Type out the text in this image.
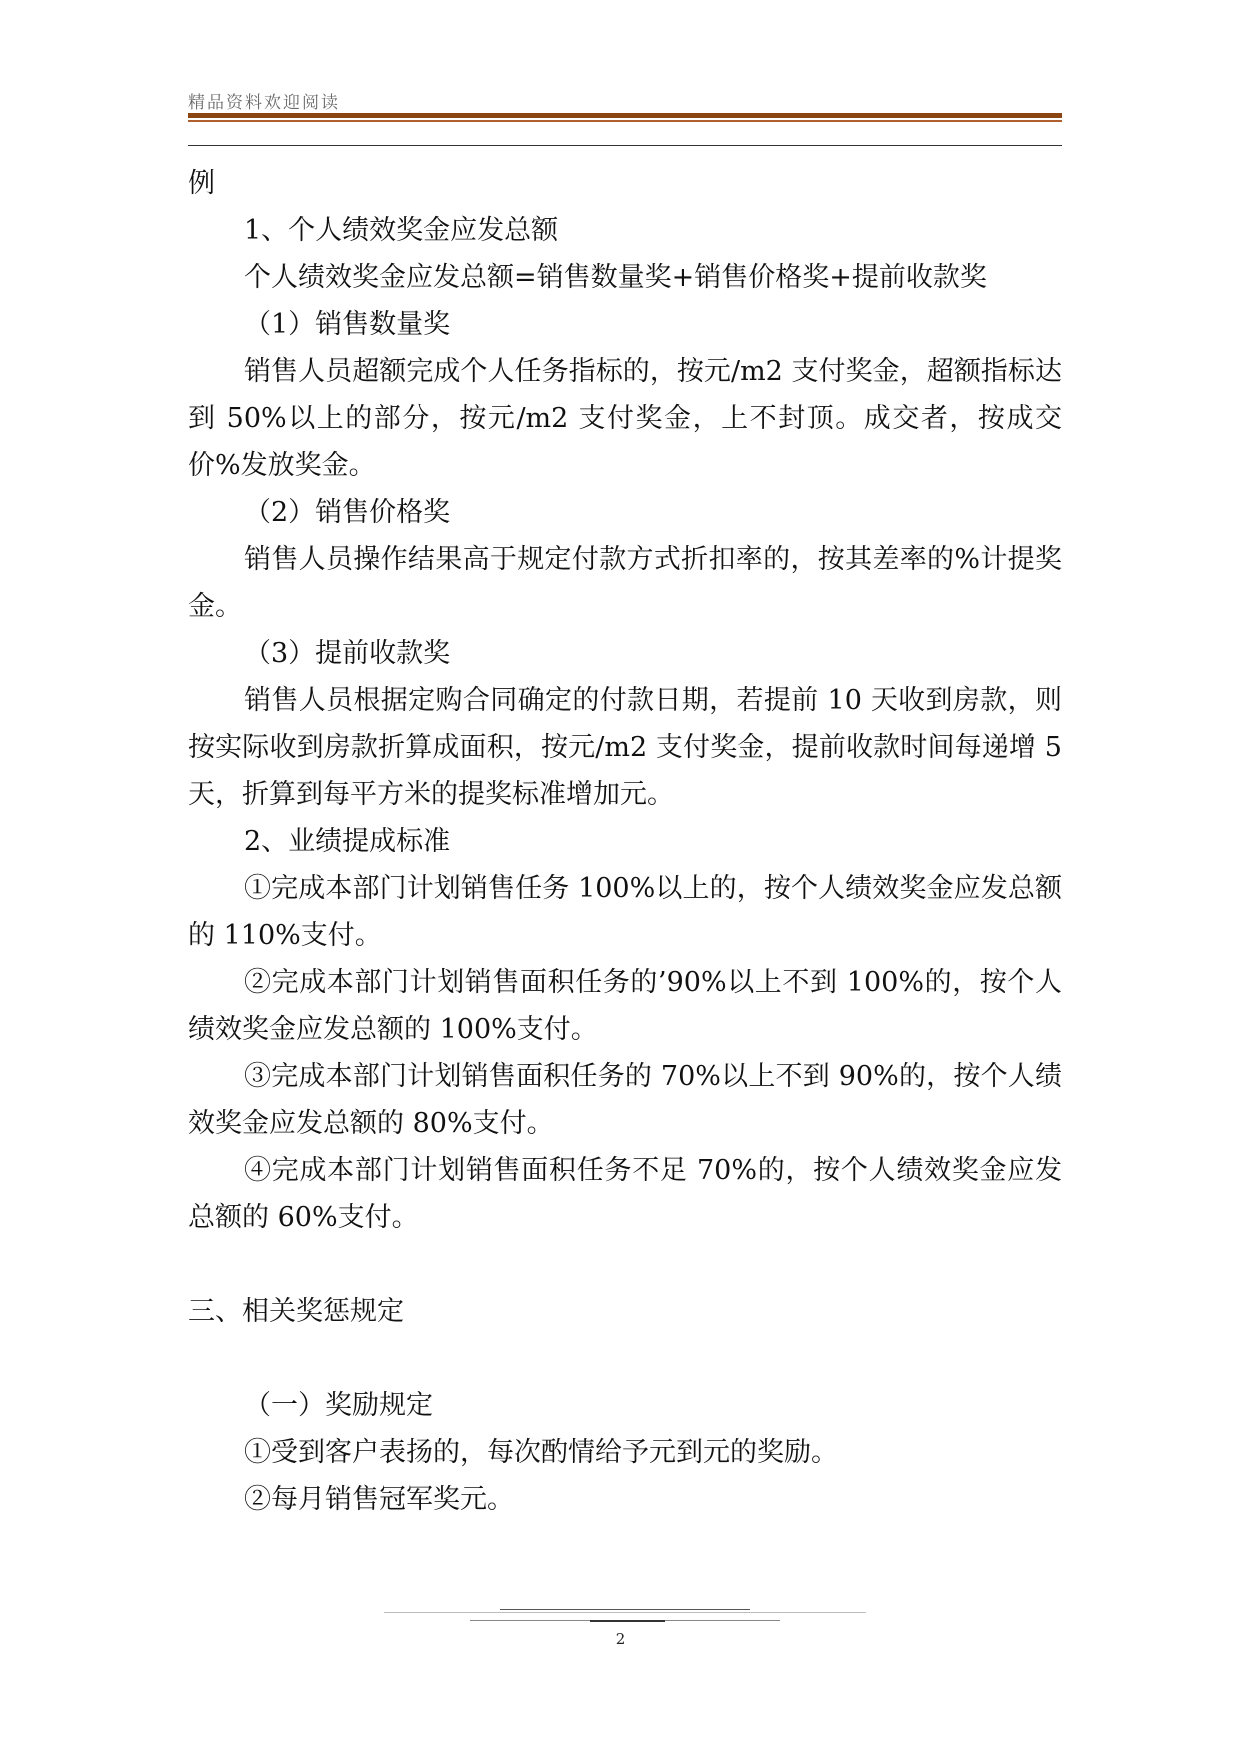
精品资料欢迎阅读

例

1、个人绩效奖金应发总额

个人绩效奖金应发总额=销售数量奖+销售价格奖+提前收款奖

（1）销售数量奖

销售人员超额完成个人任务指标的，按元/m2 支付奖金，超额指标达到 50%以上的部分，按元/m2 支付奖金，上不封顶。成交者，按成交价%发放奖金。

（2）销售价格奖

销售人员操作结果高于规定付款方式折扣率的，按其差率的%计提奖金。

（3）提前收款奖

销售人员根据定购合同确定的付款日期，若提前 10 天收到房款，则按实际收到房款折算成面积，按元/m2 支付奖金，提前收款时间每递增 5 天，折算到每平方米的提奖标准增加元。

2、业绩提成标准

①完成本部门计划销售任务 100%以上的，按个人绩效奖金应发总额的 110%支付。

②完成本部门计划销售面积任务的’90%以上不到 100%的，按个人绩效奖金应发总额的 100%支付。

③完成本部门计划销售面积任务的 70%以上不到 90%的，按个人绩效奖金应发总额的 80%支付。

④完成本部门计划销售面积任务不足 70%的，按个人绩效奖金应发总额的 60%支付。

三、相关奖惩规定

（一）奖励规定

①受到客户表扬的，每次酌情给予元到元的奖励。

②每月销售冠军奖元。

2
